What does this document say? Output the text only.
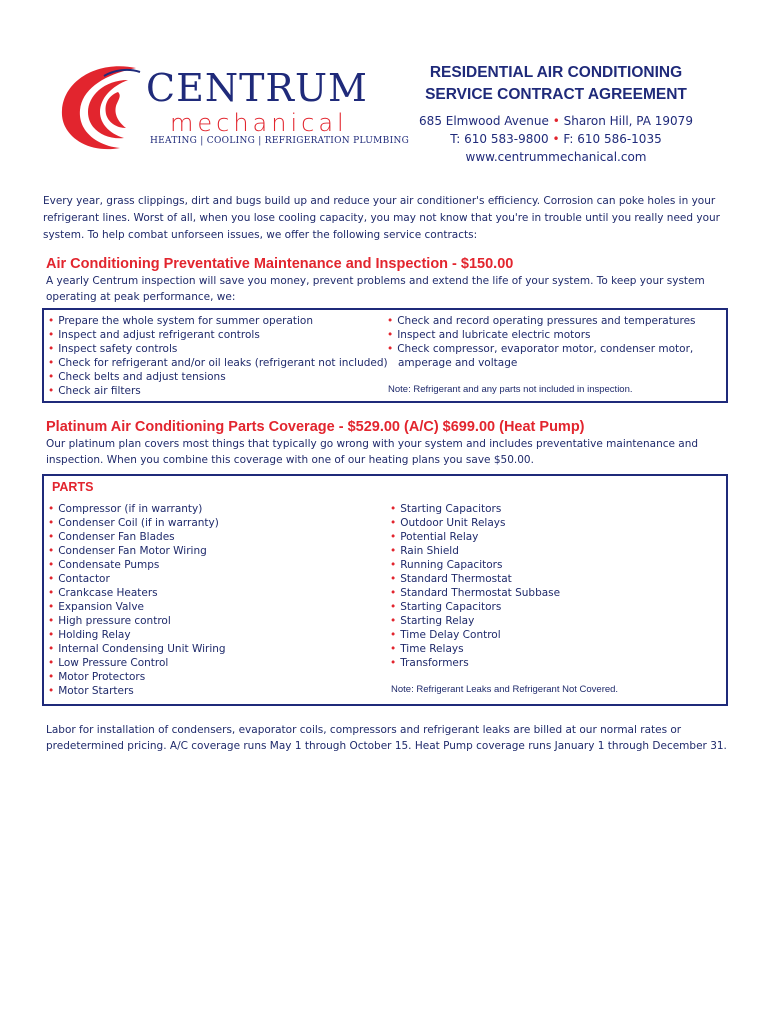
CENTRUM
mechanical
HEATING | COOLING | REFRIGERATION PLUMBING
RESIDENTIAL AIR CONDITIONING
SERVICE CONTRACT AGREEMENT
685 Elmwood Avenue • Sharon Hill, PA 19079
T: 610 583-9800 • F: 610 586-1035
www.centrummechanical.com
Every year, grass clippings, dirt and bugs build up and reduce your air conditioner's efficiency. Corrosion can poke holes in your refrigerant lines. Worst of all, when you lose cooling capacity, you may not know that you're in trouble until you really need your system. To help combat unforseen issues, we offer the following service contracts:
Air Conditioning Preventative Maintenance and Inspection - $150.00
A yearly Centrum inspection will save you money, prevent problems and extend the life of your system. To keep your system operating at peak performance, we:
• Prepare the whole system for summer operation
• Inspect and adjust refrigerant controls
• Inspect safety controls
• Check for refrigerant and/or oil leaks (refrigerant not included)
• Check belts and adjust tensions
• Check air filters
• Check and record operating pressures and temperatures
• Inspect and lubricate electric motors
• Check compressor, evaporator motor, condenser motor,
amperage and voltage
Note: Refrigerant and any parts not included in inspection.
Platinum Air Conditioning Parts Coverage - $529.00 (A/C) $699.00 (Heat Pump)
Our platinum plan covers most things that typically go wrong with your system and includes preventative maintenance and inspection. When you combine this coverage with one of our heating plans you save $50.00.
PARTS
• Compressor (if in warranty)
• Condenser Coil (if in warranty)
• Condenser Fan Blades
• Condenser Fan Motor Wiring
• Condensate Pumps
• Contactor
• Crankcase Heaters
• Expansion Valve
• High pressure control
• Holding Relay
• Internal Condensing Unit Wiring
• Low Pressure Control
• Motor Protectors
• Motor Starters
• Starting Capacitors
• Outdoor Unit Relays
• Potential Relay
• Rain Shield
• Running Capacitors
• Standard Thermostat
• Standard Thermostat Subbase
• Starting Capacitors
• Starting Relay
• Time Delay Control
• Time Relays
• Transformers
Note: Refrigerant Leaks and Refrigerant Not Covered.
Labor for installation of condensers, evaporator coils, compressors and refrigerant leaks are billed at our normal rates or predetermined pricing. A/C coverage runs May 1 through October 15. Heat Pump coverage runs January 1 through December 31.
